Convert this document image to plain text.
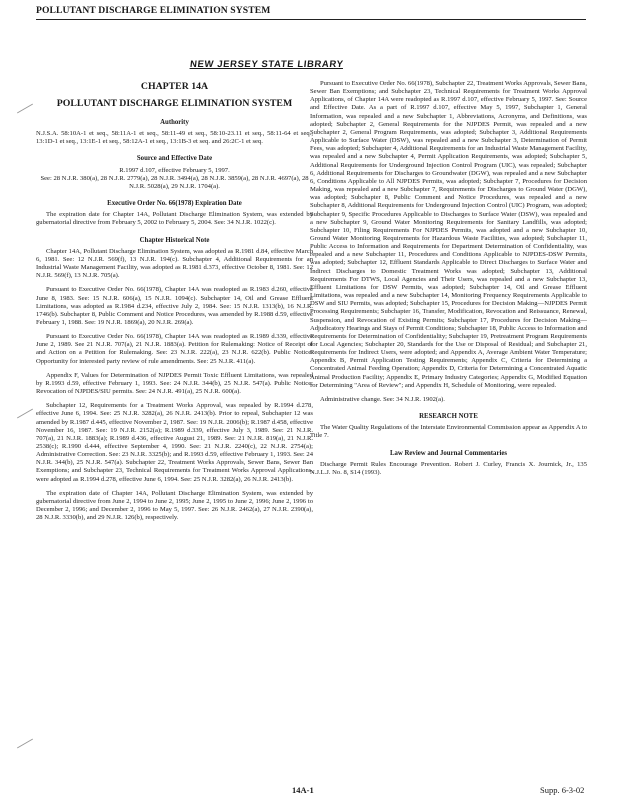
POLLUTANT DISCHARGE ELIMINATION SYSTEM
NEW JERSEY STATE LIBRARY
CHAPTER 14A
POLLUTANT DISCHARGE ELIMINATION SYSTEM
Authority

N.J.S.A. 58:10A-1 et seq., 58:11A-1 et seq., 58:11-49 et seq., 58:10-23.11 et seq., 58:11-64 et seq., 13:1D-1 et seq., 13:1E-1 et seq., 58:12A-1 et seq., 13:1B-3 et seq. and 26:2C-1 et seq.

Source and Effective Date
R.1997 d.107, effective February 5, 1997.
See: 28 N.J.R. 380(a), 28 N.J.R. 2779(a), 28 N.J.R. 3494(a), 28 N.J.R. 3859(a), 28 N.J.R. 4697(a), 28 N.J.R. 5028(a), 29 N.J.R. 1704(a).
Executive Order No. 66(1978) Expiration Date

The expiration date for Chapter 14A, Pollutant Discharge Elimination System, was extended by gubernatorial directive from February 5, 2002 to February 5, 2004. See: 34 N.J.R. 1022(c).

Chapter Historical Note

Chapter 14A, Pollutant Discharge Elimination System, was adopted as R.1981 d.84, effective March 6, 1981. See: 12 N.J.R. 569(f), 13 N.J.R. 194(c). Subchapter 4, Additional Requirements for an Industrial Waste Management Facility, was adopted as R.1981 d.373, effective October 8, 1981. See: 12 N.J.R. 569(f), 13 N.J.R. 705(a).

Pursuant to Executive Order No. 66(1978), Chapter 14A was readopted as R.1983 d.260, effective June 8, 1983. See: 15 N.J.R. 606(a), 15 N.J.R. 1094(c). Subchapter 14, Oil and Grease Effluent Limitations, was adopted as R.1984 d.234, effective July 2, 1984. See: 15 N.J.R. 1313(b), 16 N.J.R. 1746(b). Subchapter 8, Public Comment and Notice Procedures, was amended by R.1988 d.59, effective February 1, 1988. See: 19 N.J.R. 1869(a), 20 N.J.R. 269(a).

Pursuant to Executive Order No. 66(1978), Chapter 14A was readopted as R.1989 d.339, effective June 2, 1989. See 21 N.J.R. 707(a), 21 N.J.R. 1883(a). Petition for Rulemaking: Notice of Receipt of and Action on a Petition for Rulemaking. See: 23 N.J.R. 222(a), 23 N.J.R. 622(b). Public Notice: Opportunity for interested party review of rule amendments. See: 25 N.J.R. 411(a).

Appendix F, Values for Determination of NJPDES Permit Toxic Effluent Limitations, was repealed by R.1993 d.59, effective February 1, 1993. See: 24 N.J.R. 344(b), 25 N.J.R. 547(a). Public Notice: Revocation of NJPDES/SIU permits. See: 24 N.J.R. 491(a), 25 N.J.R. 600(a).

Subchapter 12, Requirements for a Treatment Works Approval, was repealed by R.1994 d.278, effective June 6, 1994. See: 25 N.J.R. 3282(a), 26 N.J.R. 2413(b). Prior to repeal, Subchapter 12 was amended by R.1987 d.445, effective November 2, 1987. See: 19 N.J.R. 2006(b); R.1987 d.458, effective November 16, 1987. See: 19 N.J.R. 2152(a); R.1989 d.339, effective July 3, 1989. See: 21 N.J.R. 707(a), 21 N.J.R. 1883(a); R.1989 d.436, effective August 21, 1989. See: 21 N.J.R. 819(a), 21 N.J.R. 2538(c); R.1990 d.444, effective September 4, 1990. See: 21 N.J.R. 2240(c), 22 N.J.R. 2754(a); Administrative Correction. See: 23 N.J.R. 3325(b); and R.1993 d.59, effective February 1, 1993. See: 24 N.J.R. 344(b), 25 N.J.R. 547(a). Subchapter 22, Treatment Works Approvals, Sewer Bans, Sewer Ban Exemptions; and Subchapter 23, Technical Requirements for Treatment Works Approval Applications, were adopted as R.1994 d.278, effective June 6, 1994. See: 25 N.J.R. 3282(a), 26 N.J.R. 2413(b).

The expiration date of Chapter 14A, Pollutant Discharge Elimination System, was extended by gubernatorial directive from June 2, 1994 to June 2, 1995; June 2, 1995 to June 2, 1996; June 2, 1996 to December 2, 1996; and December 2, 1996 to May 5, 1997. See: 26 N.J.R. 2462(a), 27 N.J.R. 2390(a), 28 N.J.R. 3330(b), and 29 N.J.R. 126(b), respectively.

Pursuant to Executive Order No. 66(1978), Subchapter 22, Treatment Works Approvals, Sewer Bans, Sewer Ban Exemptions; and Subchapter 23, Technical Requirements for Treatment Works Approval Applications, of Chapter 14A were readopted as R.1997 d.107, effective February 5, 1997. See: Source and Effective Date. As a part of R.1997 d.107, effective May 5, 1997, Subchapter 1, General Information, was repealed and a new Subchapter 1, Abbreviations, Acronyms, and Definitions, was adopted; Subchapter 2, General Requirements for the NJPDES Permit, was repealed and a new Subchapter 2, General Program Requirements, was adopted; Subchapter 3, Additional Requirements Applicable to Surface Water (DSW), was repealed and a new Subchapter 3, Determination of Permit Fees, was adopted; Subchapter 4, Additional Requirements for an Industrial Waste Management Facility, was repealed and a new Subchapter 4, Permit Application Requirements, was adopted; Subchapter 5, Additional Requirements for Underground Injection Control Program (UIC), was repealed; Subchapter 6, Additional Requirements for Discharges to Groundwater (DGW), was repealed and a new Subchapter 6, Conditions Applicable to All NJPDES Permits, was adopted; Subchapter 7, Procedures for Decision Making, was repealed and a new Subchapter 7, Requirements for Discharges to Ground Water (DGW), was adopted; Subchapter 8, Public Comment and Notice Procedures, was repealed and a new Subchapter 8, Additional Requirements for Underground Injection Control (UIC) Program, was adopted; Subchapter 9, Specific Procedures Applicable to Discharges to Surface Water (DSW), was repealed and a new Subchapter 9, Ground Water Monitoring Requirements for Sanitary Landfills, was adopted; Subchapter 10, Filing Requirements For NJPDES Permits, was adopted and a new Subchapter 10, Ground Water Monitoring Requirements for Hazardous Waste Facilities, was adopted; Subchapter 11, Public Access to Information and Requirements for Department Determination of Confidentiality, was repealed and a new Subchapter 11, Procedures and Conditions Applicable to NJPDES-DSW Permits, was adopted; Subchapter 12, Effluent Standards Applicable to Direct Discharges to Surface Water and Indirect Discharges to Domestic Treatment Works was adopted; Subchapter 13, Additional Requirements For DTWS, Local Agencies and Their Users, was repealed and a new Subchapter 13, Effluent Limitations for DSW Permits, was adopted; Subchapter 14, Oil and Grease Effluent Limitations, was repealed and a new Subchapter 14, Monitoring Frequency Requirements Applicable to DSW and SIU Permits, was adopted; Subchapter 15, Procedures for Decision Making—NJPDES Permit Processing Requirements; Subchapter 16, Transfer, Modification, Revocation and Reissuance, Renewal, Suspension, and Revocation of Existing Permits; Subchapter 17, Procedures for Decision Making—Adjudicatory Hearings and Stays of Permit Conditions; Subchapter 18, Public Access to Information and Requirements for Determination of Confidentiality; Subchapter 19, Pretreatment Program Requirements for Local Agencies; Subchapter 20, Standards for the Use or Disposal of Residual; and Subchapter 21, Requirements for Indirect Users, were adopted; and Appendix A, Average Ambient Water Temperature; Appendix B, Permit Application Testing Requirements; Appendix C, Criteria for Determining a Concentrated Animal Feeding Operation; Appendix D, Criteria for Determining a Concentrated Aquatic Animal Production Facility; Appendix E, Primary Industry Categories; Appendix G, Modified Equation for Determining "Area of Review"; and Appendix H, Schedule of Monitoring, were repealed.

Administrative change. See: 34 N.J.R. 1902(a).

RESEARCH NOTE

The Water Quality Regulations of the Interstate Environmental Commission appear as Appendix A to Title 7.

Law Review and Journal Commentaries

Discharge Permit Rules Encourage Prevention. Robert J. Curley, Francis X. Journick, Jr., 135 N.J.L.J. No. 8, S14 (1993).

14A-1	Supp. 6-3-02
